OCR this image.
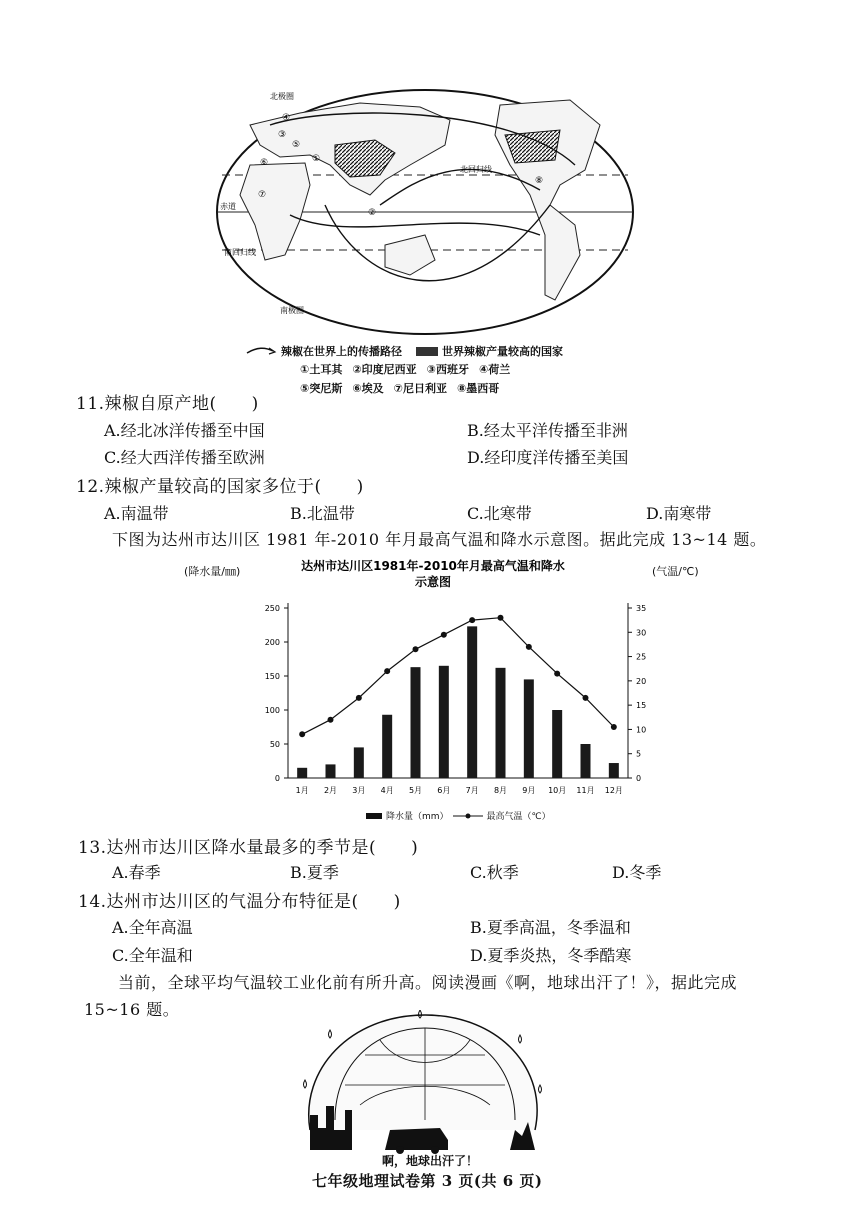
北回归线
赤道
南回归线
北极圈
南极圈
④
③
⑥	①
⑤
⑦
②
⑧
辣椒在世界上的传播路径	世界辣椒产量较高的国家
①土耳其 ②印度尼西亚 ③西班牙 ④荷兰
⑤突尼斯 ⑥埃及 ⑦尼日利亚 ⑧墨西哥
11.辣椒自原产地(　　)
A.经北冰洋传播至中国	B.经太平洋传播至非洲
C.经大西洋传播至欧洲	D.经印度洋传播至美国
12.辣椒产量较高的国家多位于(　　)
A.南温带	B.北温带	C.北寒带	D.南寒带
下图为达州市达川区 1981 年-2010 年月最高气温和降水示意图。据此完成 13~14 题。
达州市达川区1981年-2010年月最高气温和降水
示意图
0
50
100
150
200
250
0
5
10
15
20
25
30
35
1月 2月 3月 4月 5月 6月 7月 8月 9月 10月 11月 12月
(降水量/㎜)	(气温/℃)
降水量（mm）	最高气温（℃）
13.达州市达川区降水量最多的季节是(　　)
A.春季	B.夏季	C.秋季	D.冬季
14.达州市达川区的气温分布特征是(　　)
A.全年高温	B.夏季高温，冬季温和
C.全年温和	D.夏季炎热，冬季酷寒
当前，全球平均气温较工业化前有所升高。阅读漫画《啊，地球出汗了！》，据此完成
15~16 题。
啊，地球出汗了！
七年级地理试卷第 3 页(共 6 页)
